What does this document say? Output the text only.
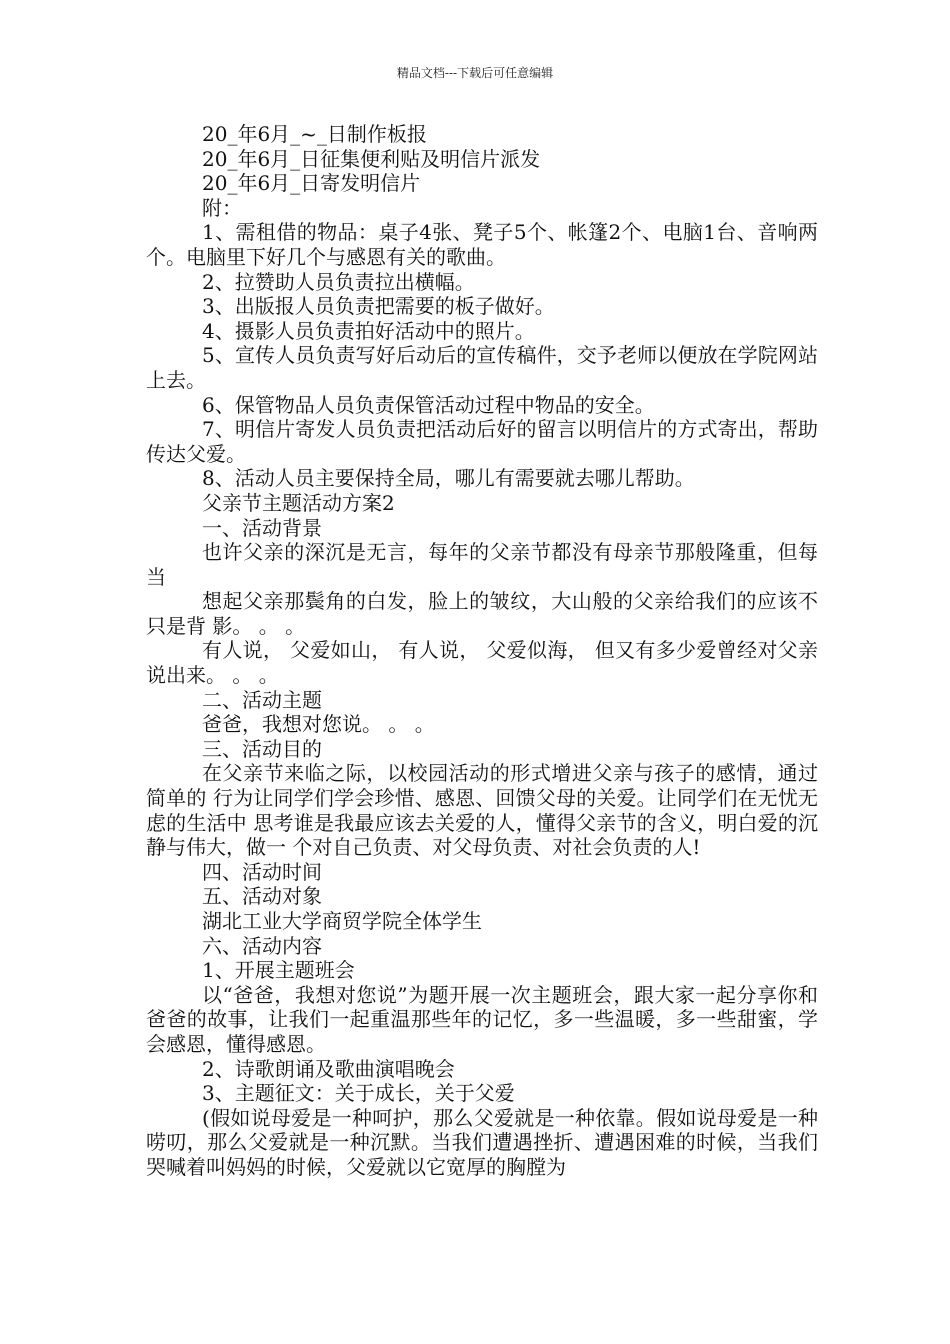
精品文档---下载后可任意编辑

20_年6月_~_日制作板报

20_年6月_日征集便利贴及明信片派发

20_年6月_日寄发明信片

附：

1、需租借的物品：桌子4张、凳子5个、帐篷2个、电脑1台、音响两个。电脑里下好几个与感恩有关的歌曲。

2、拉赞助人员负责拉出横幅。

3、出版报人员负责把需要的板子做好。

4、摄影人员负责拍好活动中的照片。

5、宣传人员负责写好后动后的宣传稿件，交予老师以便放在学院网站上去。

6、保管物品人员负责保管活动过程中物品的安全。

7、明信片寄发人员负责把活动后好的留言以明信片的方式寄出，帮助传达父爱。

8、活动人员主要保持全局，哪儿有需要就去哪儿帮助。

父亲节主题活动方案2

一、活动背景

也许父亲的深沉是无言，每年的父亲节都没有母亲节那般隆重，但每当

想起父亲那鬓角的白发，脸上的皱纹，大山般的父亲给我们的应该不只是背 影。 。 。

有人说， 父爱如山， 有人说， 父爱似海， 但又有多少爱曾经对父亲说出来。 。 。

二、活动主题

爸爸，我想对您说。 。 。

三、活动目的

在父亲节来临之际，以校园活动的形式增进父亲与孩子的感情，通过简单的 行为让同学们学会珍惜、感恩、回馈父母的关爱。让同学们在无忧无虑的生活中 思考谁是我最应该去关爱的人，懂得父亲节的含义，明白爱的沉静与伟大，做一 个对自己负责、对父母负责、对社会负责的人!

四、活动时间

五、活动对象

湖北工业大学商贸学院全体学生

六、活动内容

1、开展主题班会

以“爸爸，我想对您说”为题开展一次主题班会，跟大家一起分享你和 爸爸的故事，让我们一起重温那些年的记忆，多一些温暖，多一些甜蜜，学 会感恩，懂得感恩。

2、诗歌朗诵及歌曲演唱晚会

3、主题征文：关于成长，关于父爱

(假如说母爱是一种呵护，那么父爱就是一种依靠。假如说母爱是一种 唠叨，那么父爱就是一种沉默。当我们遭遇挫折、遭遇困难的时候，当我们 哭喊着叫妈妈的时候，父爱就以它宽厚的胸膛为
